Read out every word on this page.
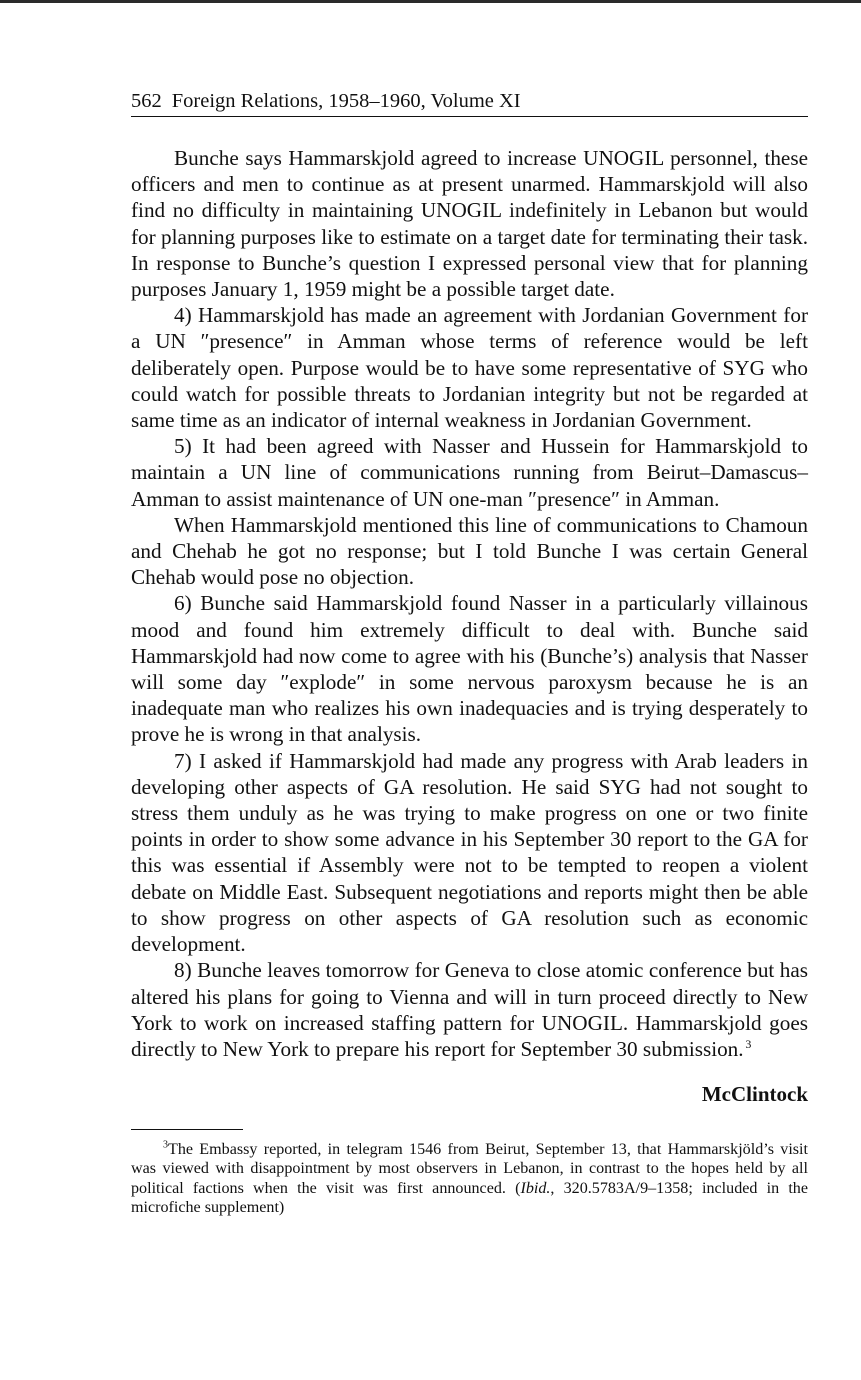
562 Foreign Relations, 1958–1960, Volume XI

Bunche says Hammarskjold agreed to increase UNOGIL personnel, these officers and men to continue as at present unarmed. Hammarskjold will also find no difficulty in maintaining UNOGIL indefinitely in Lebanon but would for planning purposes like to estimate on a target date for terminating their task. In response to Bunche’s question I expressed personal view that for planning purposes January 1, 1959 might be a possible target date.

4) Hammarskjold has made an agreement with Jordanian Government for a UN ″presence″ in Amman whose terms of reference would be left deliberately open. Purpose would be to have some representative of SYG who could watch for possible threats to Jordanian integrity but not be regarded at same time as an indicator of internal weakness in Jordanian Government.

5) It had been agreed with Nasser and Hussein for Hammarskjold to maintain a UN line of communications running from Beirut–Damascus–Amman to assist maintenance of UN one-man ″presence″ in Amman.

When Hammarskjold mentioned this line of communications to Chamoun and Chehab he got no response; but I told Bunche I was certain General Chehab would pose no objection.

6) Bunche said Hammarskjold found Nasser in a particularly villainous mood and found him extremely difficult to deal with. Bunche said Hammarskjold had now come to agree with his (Bunche’s) analysis that Nasser will some day ″explode″ in some nervous paroxysm because he is an inadequate man who realizes his own inadequacies and is trying desperately to prove he is wrong in that analysis.

7) I asked if Hammarskjold had made any progress with Arab leaders in developing other aspects of GA resolution. He said SYG had not sought to stress them unduly as he was trying to make progress on one or two finite points in order to show some advance in his September 30 report to the GA for this was essential if Assembly were not to be tempted to reopen a violent debate on Middle East. Subsequent negotiations and reports might then be able to show progress on other aspects of GA resolution such as economic development.

8) Bunche leaves tomorrow for Geneva to close atomic conference but has altered his plans for going to Vienna and will in turn proceed directly to New York to work on increased staffing pattern for UNOGIL. Hammarskjold goes directly to New York to prepare his report for September 30 submission.  $^3$

McClintock

$^3$The Embassy reported, in telegram 1546 from Beirut, September 13, that Hammarskjöld’s visit was viewed with disappointment by most observers in Lebanon, in contrast to the hopes held by all political factions when the visit was first announced. (Ibid., 320.5783A/9–1358; included in the microfiche supplement)
